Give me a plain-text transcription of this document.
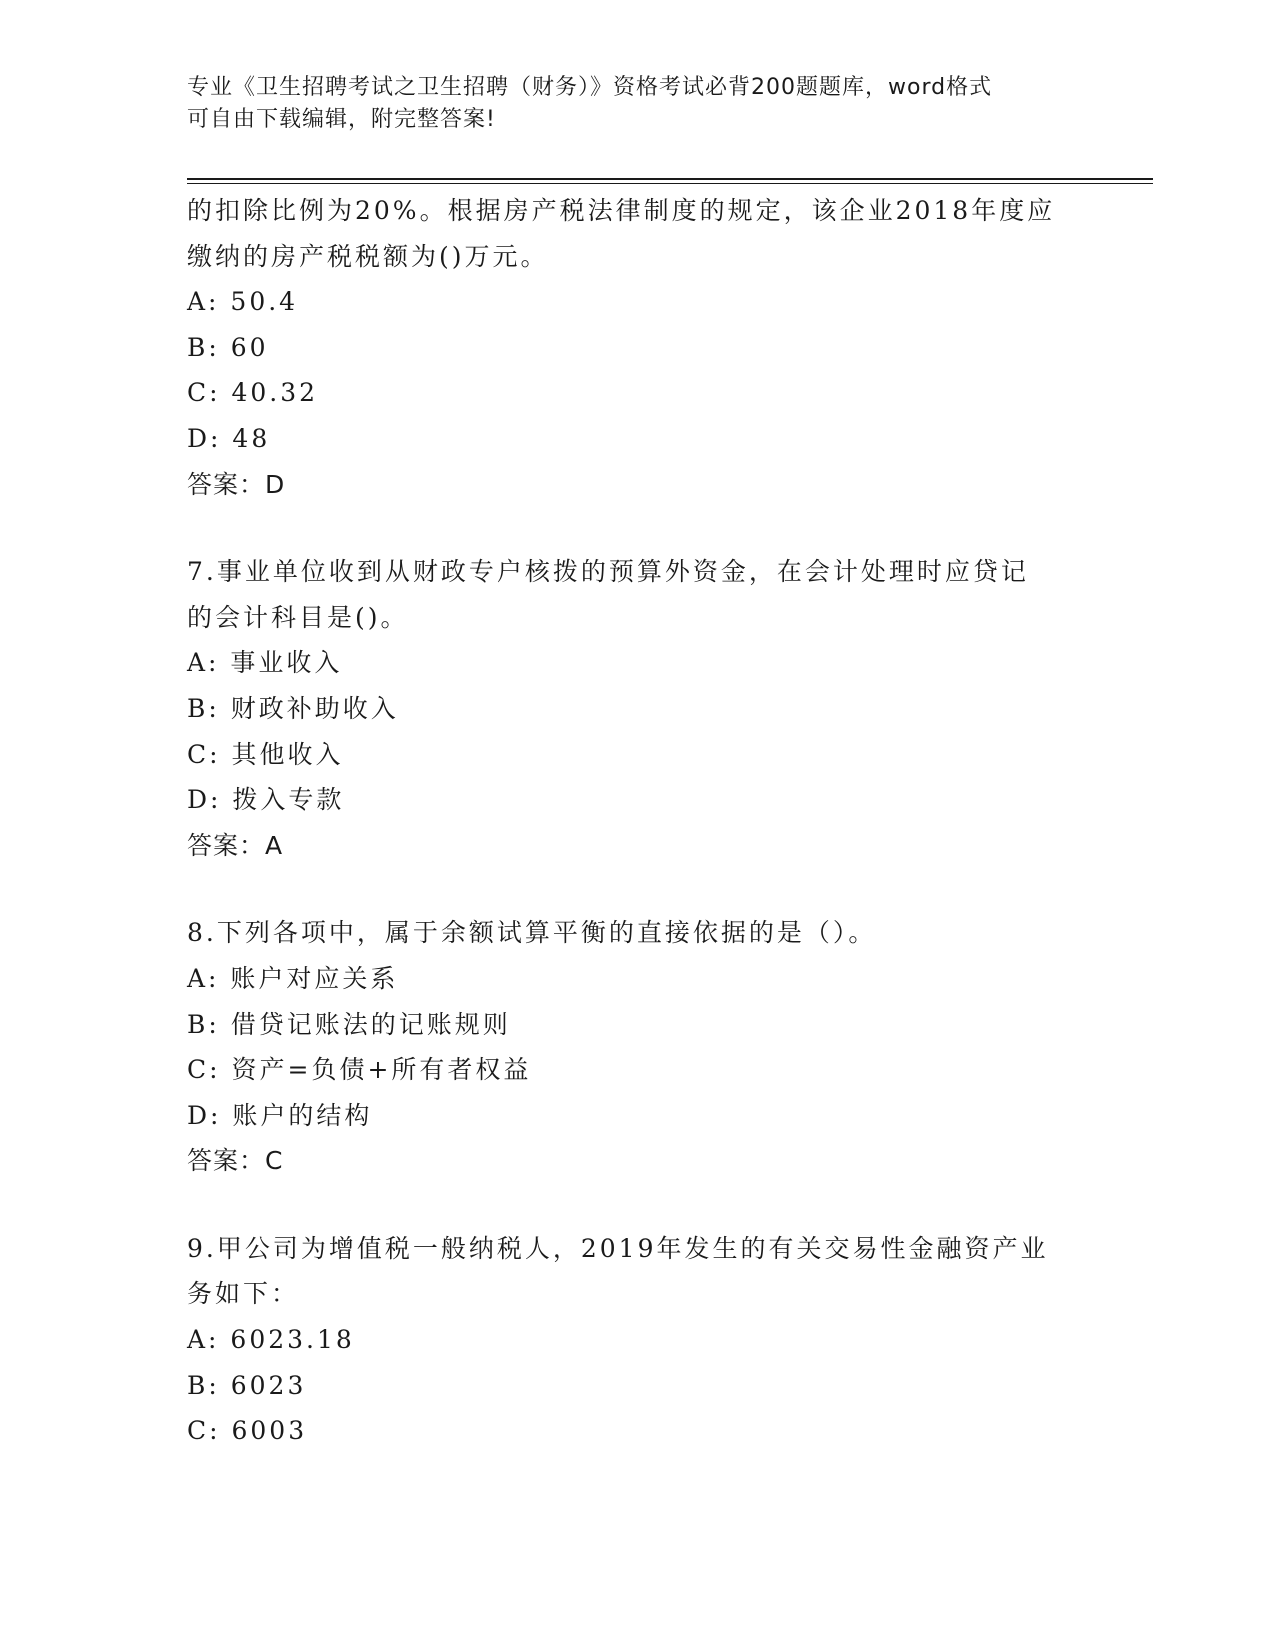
专业《卫生招聘考试之卫生招聘（财务）》资格考试必背200题题库，word格式
可自由下载编辑，附完整答案!
的扣除比例为20%。根据房产税法律制度的规定，该企业2018年度应
缴纳的房产税税额为()万元。
A: 50.4
B: 60
C: 40.32
D: 48
答案：D
7.事业单位收到从财政专户核拨的预算外资金，在会计处理时应贷记
的会计科目是()。
A: 事业收入
B: 财政补助收入
C: 其他收入
D: 拨入专款
答案：A
8.下列各项中，属于余额试算平衡的直接依据的是（）。
A: 账户对应关系
B: 借贷记账法的记账规则
C: 资产=负债+所有者权益
D: 账户的结构
答案：C
9.甲公司为增值税一般纳税人，2019年发生的有关交易性金融资产业
务如下：
A: 6023.18
B: 6023
C: 6003
